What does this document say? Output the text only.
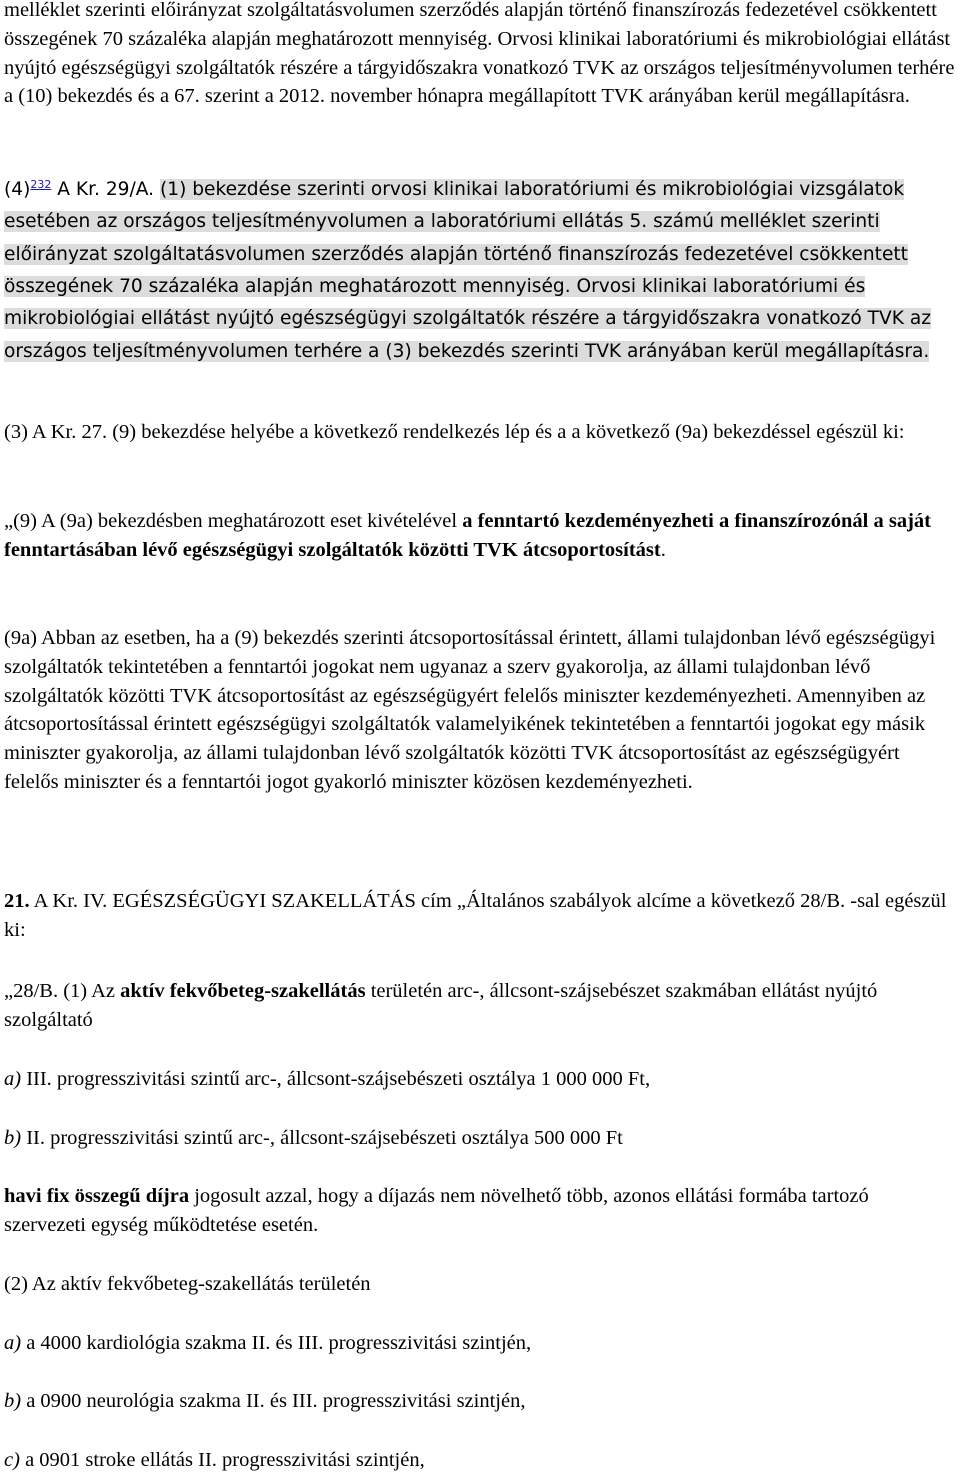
melléklet szerinti előirányzat szolgáltatásvolumen szerződés alapján történő finanszírozás fedezetével csökkentett összegének 70 százaléka alapján meghatározott mennyiség. Orvosi klinikai laboratóriumi és mikrobiológiai ellátást nyújtó egészségügyi szolgáltatók részére a tárgyidőszakra vonatkozó TVK az országos teljesítményvolumen terhére a (10) bekezdés és a 67. szerint a 2012. november hónapra megállapított TVK arányában kerül megállapításra.

$(4)^{232}$ A Kr. 29/A. (1) bekezdése szerinti orvosi klinikai laboratóriumi és mikrobiológiai vizsgálatok esetében az országos teljesítményvolumen a laboratóriumi ellátás 5. számú melléklet szerinti előirányzat szolgáltatásvolumen szerződés alapján történő finanszírozás fedezetével csökkentett összegének 70 százaléka alapján meghatározott mennyiség. Orvosi klinikai laboratóriumi és mikrobiológiai ellátást nyújtó egészségügyi szolgáltatók részére a tárgyidőszakra vonatkozó TVK az országos teljesítményvolumen terhére a (3) bekezdés szerinti TVK arányában kerül megállapításra.

(3) A Kr. 27. (9) bekezdése helyébe a következő rendelkezés lép és a a következő (9a) bekezdéssel egészül ki:

„(9) A (9a) bekezdésben meghatározott eset kivételével a fenntartó kezdeményezheti a finanszírozónál a saját fenntartásában lévő egészségügyi szolgáltatók közötti TVK átcsoportosítást.

(9a) Abban az esetben, ha a (9) bekezdés szerinti átcsoportosítással érintett, állami tulajdonban lévő egészségügyi szolgáltatók tekintetében a fenntartói jogokat nem ugyanaz a szerv gyakorolja, az állami tulajdonban lévő szolgáltatók közötti TVK átcsoportosítást az egészségügyért felelős miniszter kezdeményezheti. Amennyiben az átcsoportosítással érintett egészségügyi szolgáltatók valamelyikének tekintetében a fenntartói jogokat egy másik miniszter gyakorolja, az állami tulajdonban lévő szolgáltatók közötti TVK átcsoportosítást az egészségügyért felelős miniszter és a fenntartói jogot gyakorló miniszter közösen kezdeményezheti.

21. A Kr. IV. EGÉSZSÉGÜGYI SZAKELLÁTÁS cím „Általános szabályok alcíme a következő 28/B. -sal egészül ki:

„28/B. (1) Az aktív fekvőbeteg-szakellátás területén arc-, állcsont-szájsebészet szakmában ellátást nyújtó szolgáltató

a) III. progresszivitási szintű arc-, állcsont-szájsebészeti osztálya 1 000 000 Ft,

b) II. progresszivitási szintű arc-, állcsont-szájsebészeti osztálya 500 000 Ft

havi fix összegű díjra jogosult azzal, hogy a díjazás nem növelhető több, azonos ellátási formába tartozó szervezeti egység működtetése esetén.

(2) Az aktív fekvőbeteg-szakellátás területén

a) a 4000 kardiológia szakma II. és III. progresszivitási szintjén,

b) a 0900 neurológia szakma II. és III. progresszivitási szintjén,

c) a 0901 stroke ellátás II. progresszivitási szintjén,
